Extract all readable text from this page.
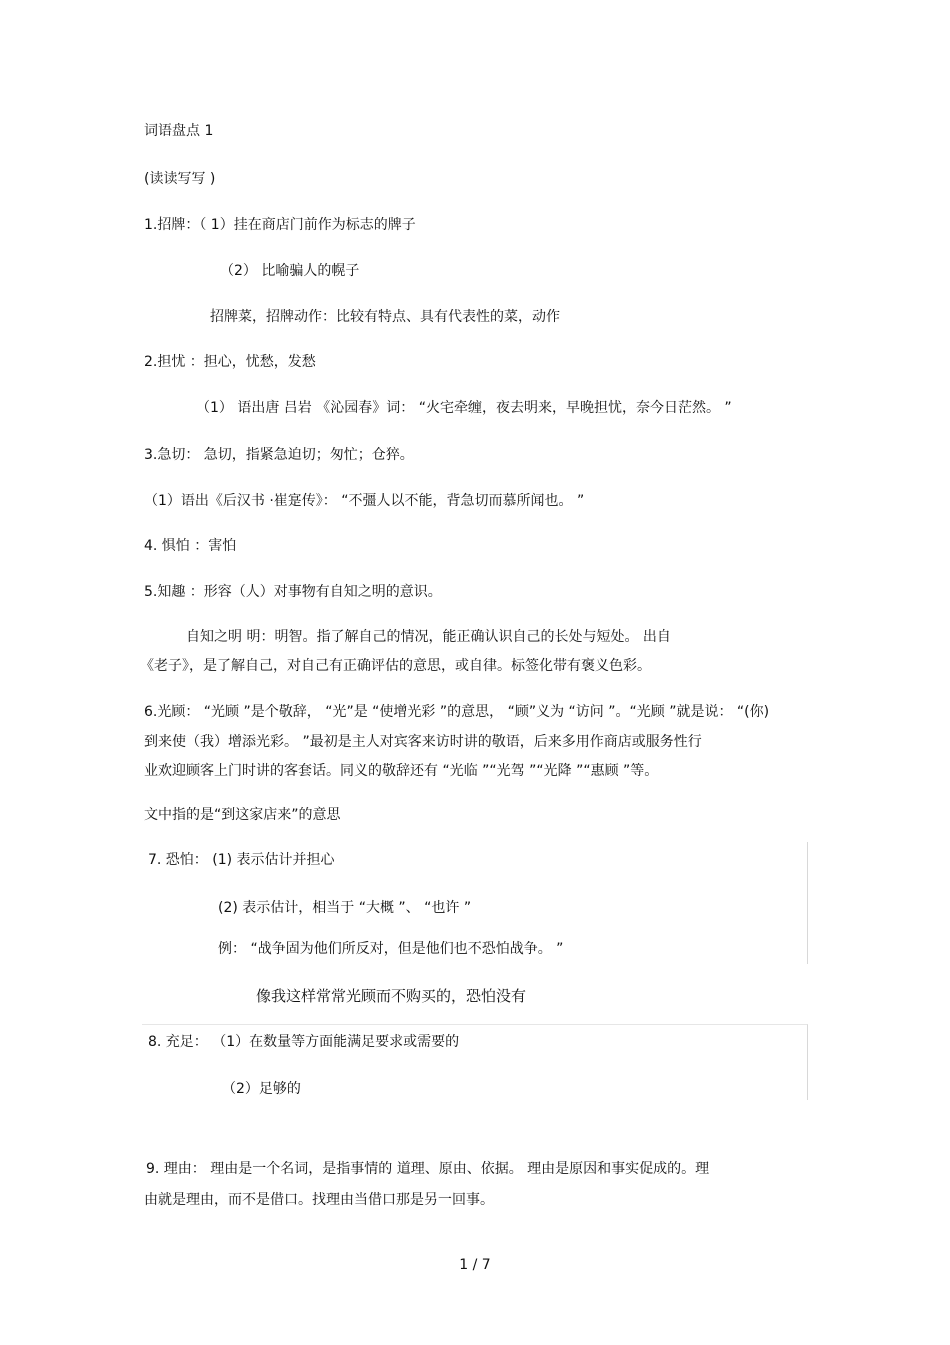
词语盘点 1
(读读写写 )
1.招牌：（ 1）挂在商店门前作为标志的牌子
（2） 比喻骗人的幌子
招牌菜，招牌动作：比较有特点、具有代表性的菜，动作
2.担忧 ：担心，忧愁，发愁
（1） 语出唐 吕岩 《沁园春》词： “火宅牵缠，夜去明来，早晚担忧，奈今日茫然。 ”
3.急切： 急切，指紧急迫切；匆忙；仓猝。
（1）语出《后汉书 ·崔寔传》： “不彊人以不能，背急切而慕所闻也。 ”
4. 惧怕 ：害怕
5.知趣 ：形容（人）对事物有自知之明的意识。
自知之明 明：明智。指了解自己的情况，能正确认识自己的长处与短处。 出自
《老子》，是了解自己，对自己有正确评估的意思，或自律。标签化带有褒义色彩。
6.光顾： “光顾 ”是个敬辞， “光”是 “使增光彩 ”的意思， “顾”义为 “访问 ”。“光顾 ”就是说： “(你)
到来使（我）增添光彩。 ”最初是主人对宾客来访时讲的敬语，后来多用作商店或服务性行
业欢迎顾客上门时讲的客套话。同义的敬辞还有 “光临 ”“光驾 ”“光降 ”“惠顾 ”等。
文中指的是“到这家店来”的意思
7. 恐怕： (1) 表示估计并担心
(2) 表示估计，相当于 “大概 ”、 “也许 ”
例： “战争固为他们所反对，但是他们也不恐怕战争。 ”
像我这样常常光顾而不购买的，恐怕没有
8. 充足： （1）在数量等方面能满足要求或需要的
（2）足够的
9. 理由： 理由是一个名词，是指事情的 道理、原由、依据。 理由是原因和事实促成的。理
由就是理由，而不是借口。找理由当借口那是另一回事。
1 / 7
